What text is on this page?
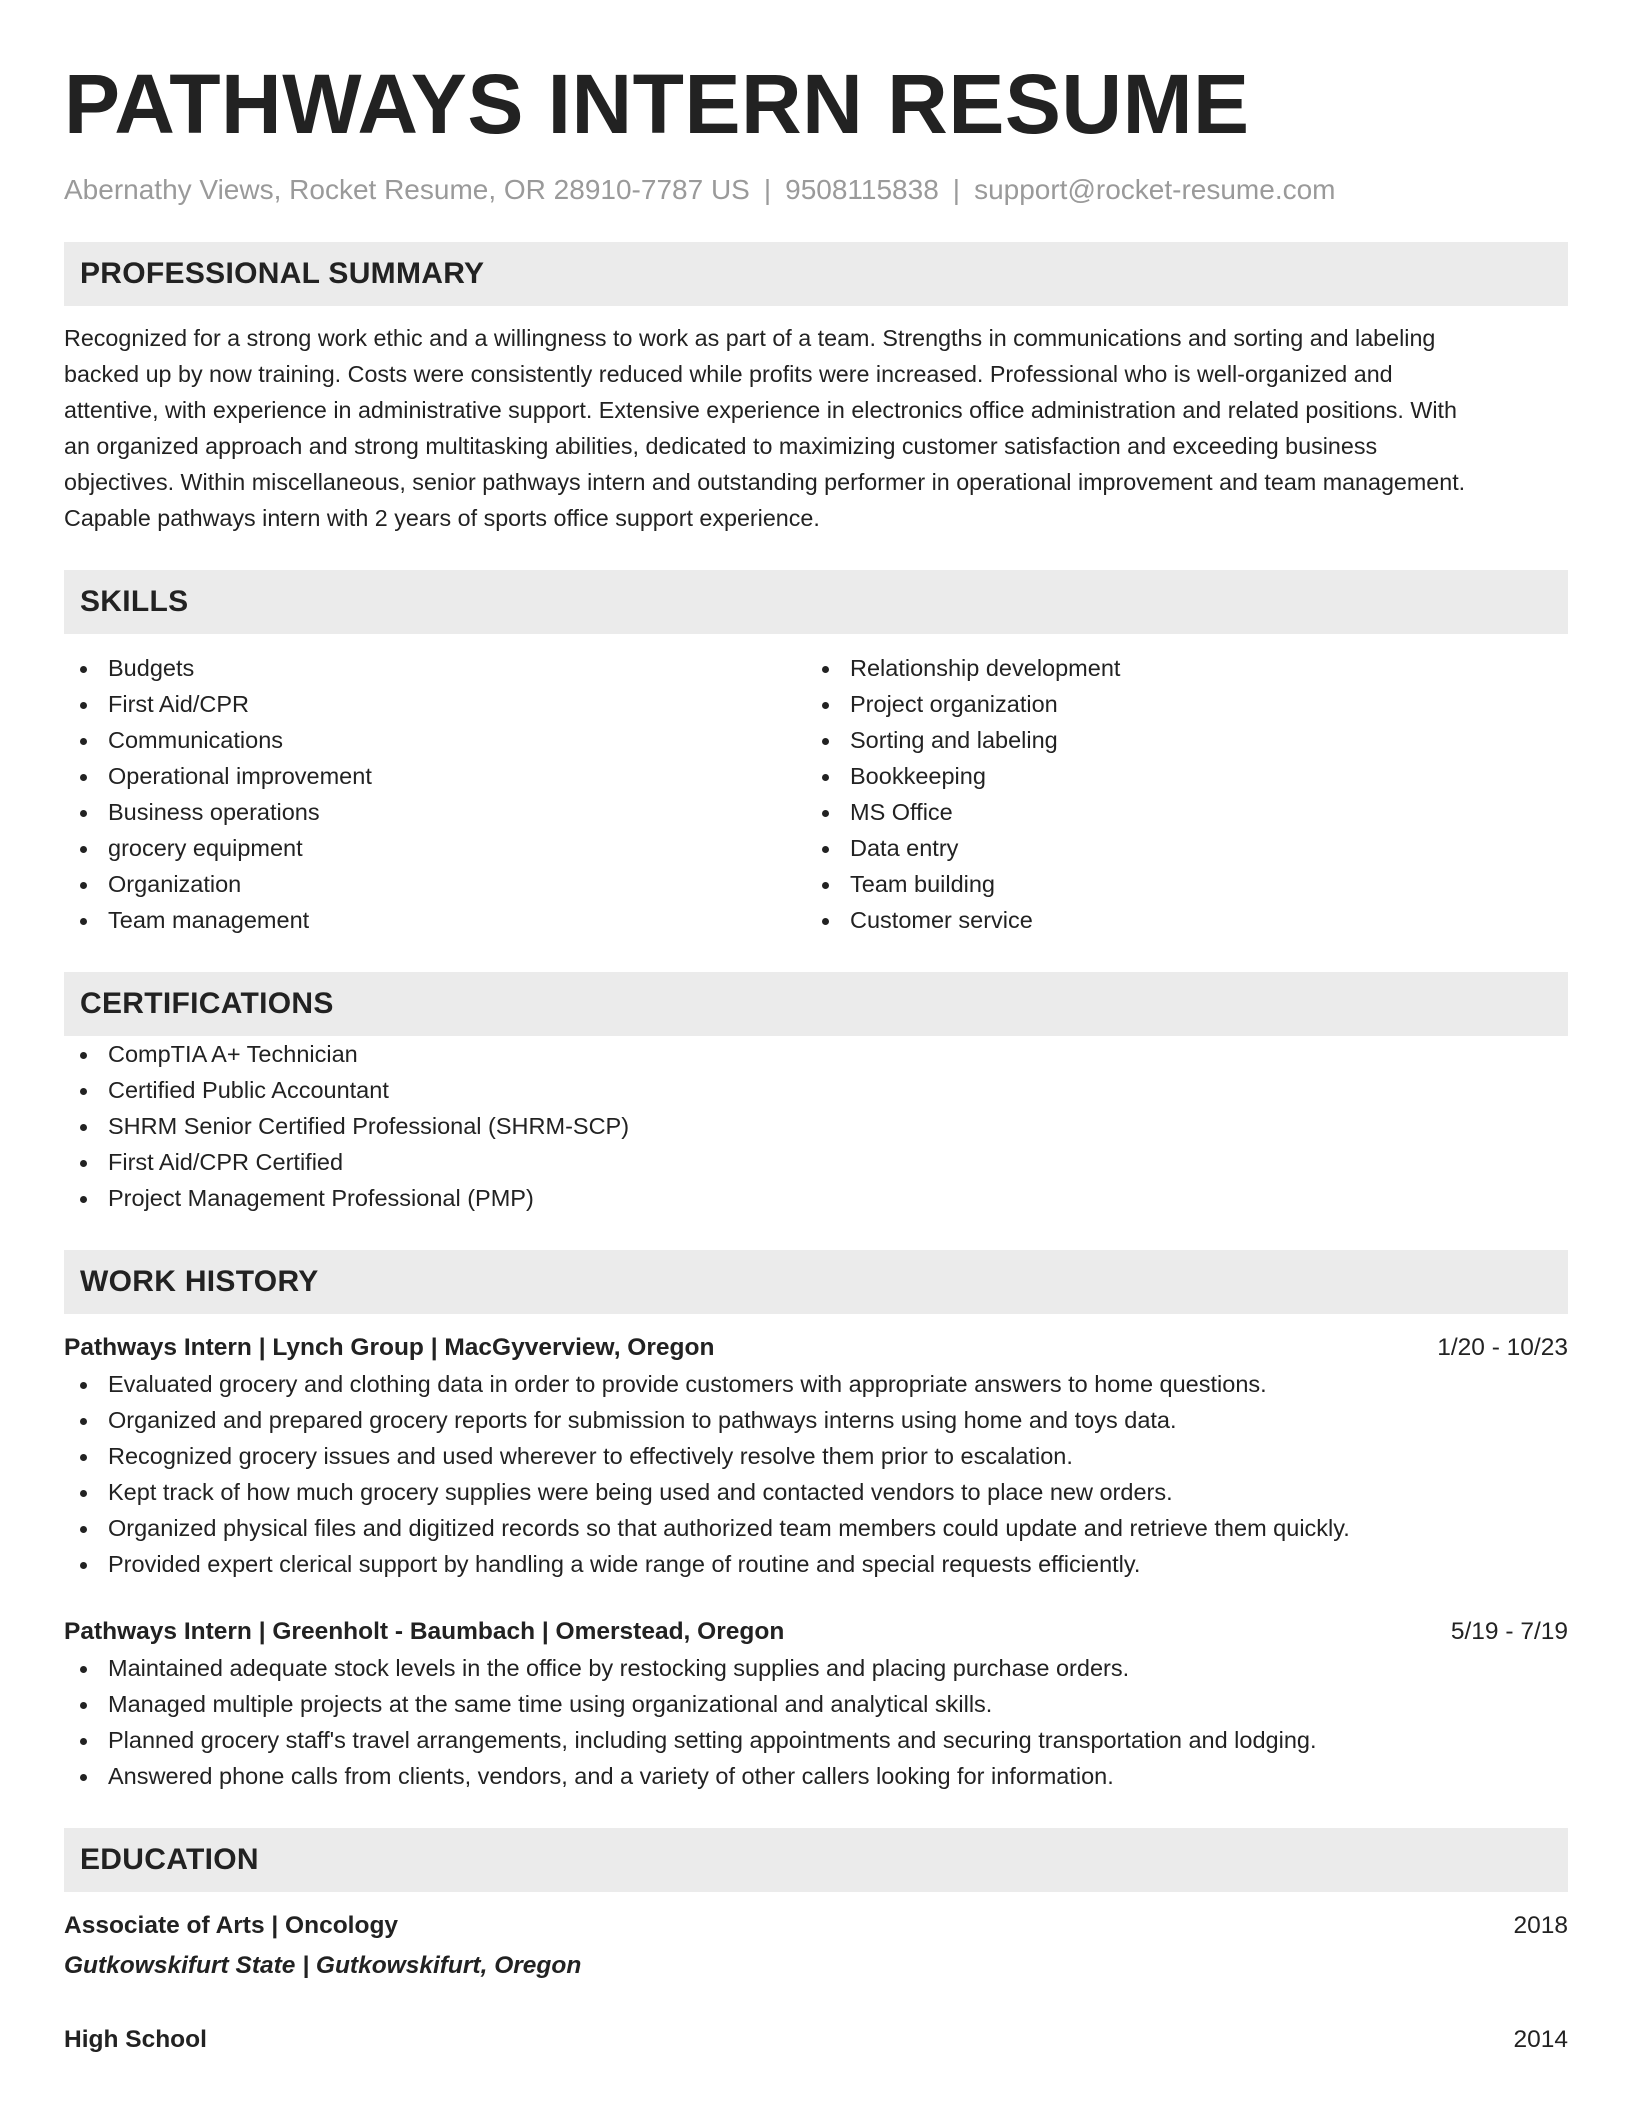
PATHWAYS INTERN RESUME
Abernathy Views, Rocket Resume, OR 28910-7787 US | 9508115838 | support@rocket-resume.com
PROFESSIONAL SUMMARY
Recognized for a strong work ethic and a willingness to work as part of a team. Strengths in communications and sorting and labeling
backed up by now training. Costs were consistently reduced while profits were increased. Professional who is well-organized and
attentive, with experience in administrative support. Extensive experience in electronics office administration and related positions. With
an organized approach and strong multitasking abilities, dedicated to maximizing customer satisfaction and exceeding business
objectives. Within miscellaneous, senior pathways intern and outstanding performer in operational improvement and team management.
Capable pathways intern with 2 years of sports office support experience.
SKILLS
Budgets
First Aid/CPR
Communications
Operational improvement
Business operations
grocery equipment
Organization
Team management
Relationship development
Project organization
Sorting and labeling
Bookkeeping
MS Office
Data entry
Team building
Customer service
CERTIFICATIONS
CompTIA A+ Technician
Certified Public Accountant
SHRM Senior Certified Professional (SHRM-SCP)
First Aid/CPR Certified
Project Management Professional (PMP)
WORK HISTORY
Pathways Intern | Lynch Group | MacGyverview, Oregon	1/20 - 10/23
Evaluated grocery and clothing data in order to provide customers with appropriate answers to home questions.
Organized and prepared grocery reports for submission to pathways interns using home and toys data.
Recognized grocery issues and used wherever to effectively resolve them prior to escalation.
Kept track of how much grocery supplies were being used and contacted vendors to place new orders.
Organized physical files and digitized records so that authorized team members could update and retrieve them quickly.
Provided expert clerical support by handling a wide range of routine and special requests efficiently.
Pathways Intern | Greenholt - Baumbach | Omerstead, Oregon	5/19 - 7/19
Maintained adequate stock levels in the office by restocking supplies and placing purchase orders.
Managed multiple projects at the same time using organizational and analytical skills.
Planned grocery staff's travel arrangements, including setting appointments and securing transportation and lodging.
Answered phone calls from clients, vendors, and a variety of other callers looking for information.
EDUCATION
Associate of Arts | Oncology	2018
Gutkowskifurt State | Gutkowskifurt, Oregon
High School	2014
